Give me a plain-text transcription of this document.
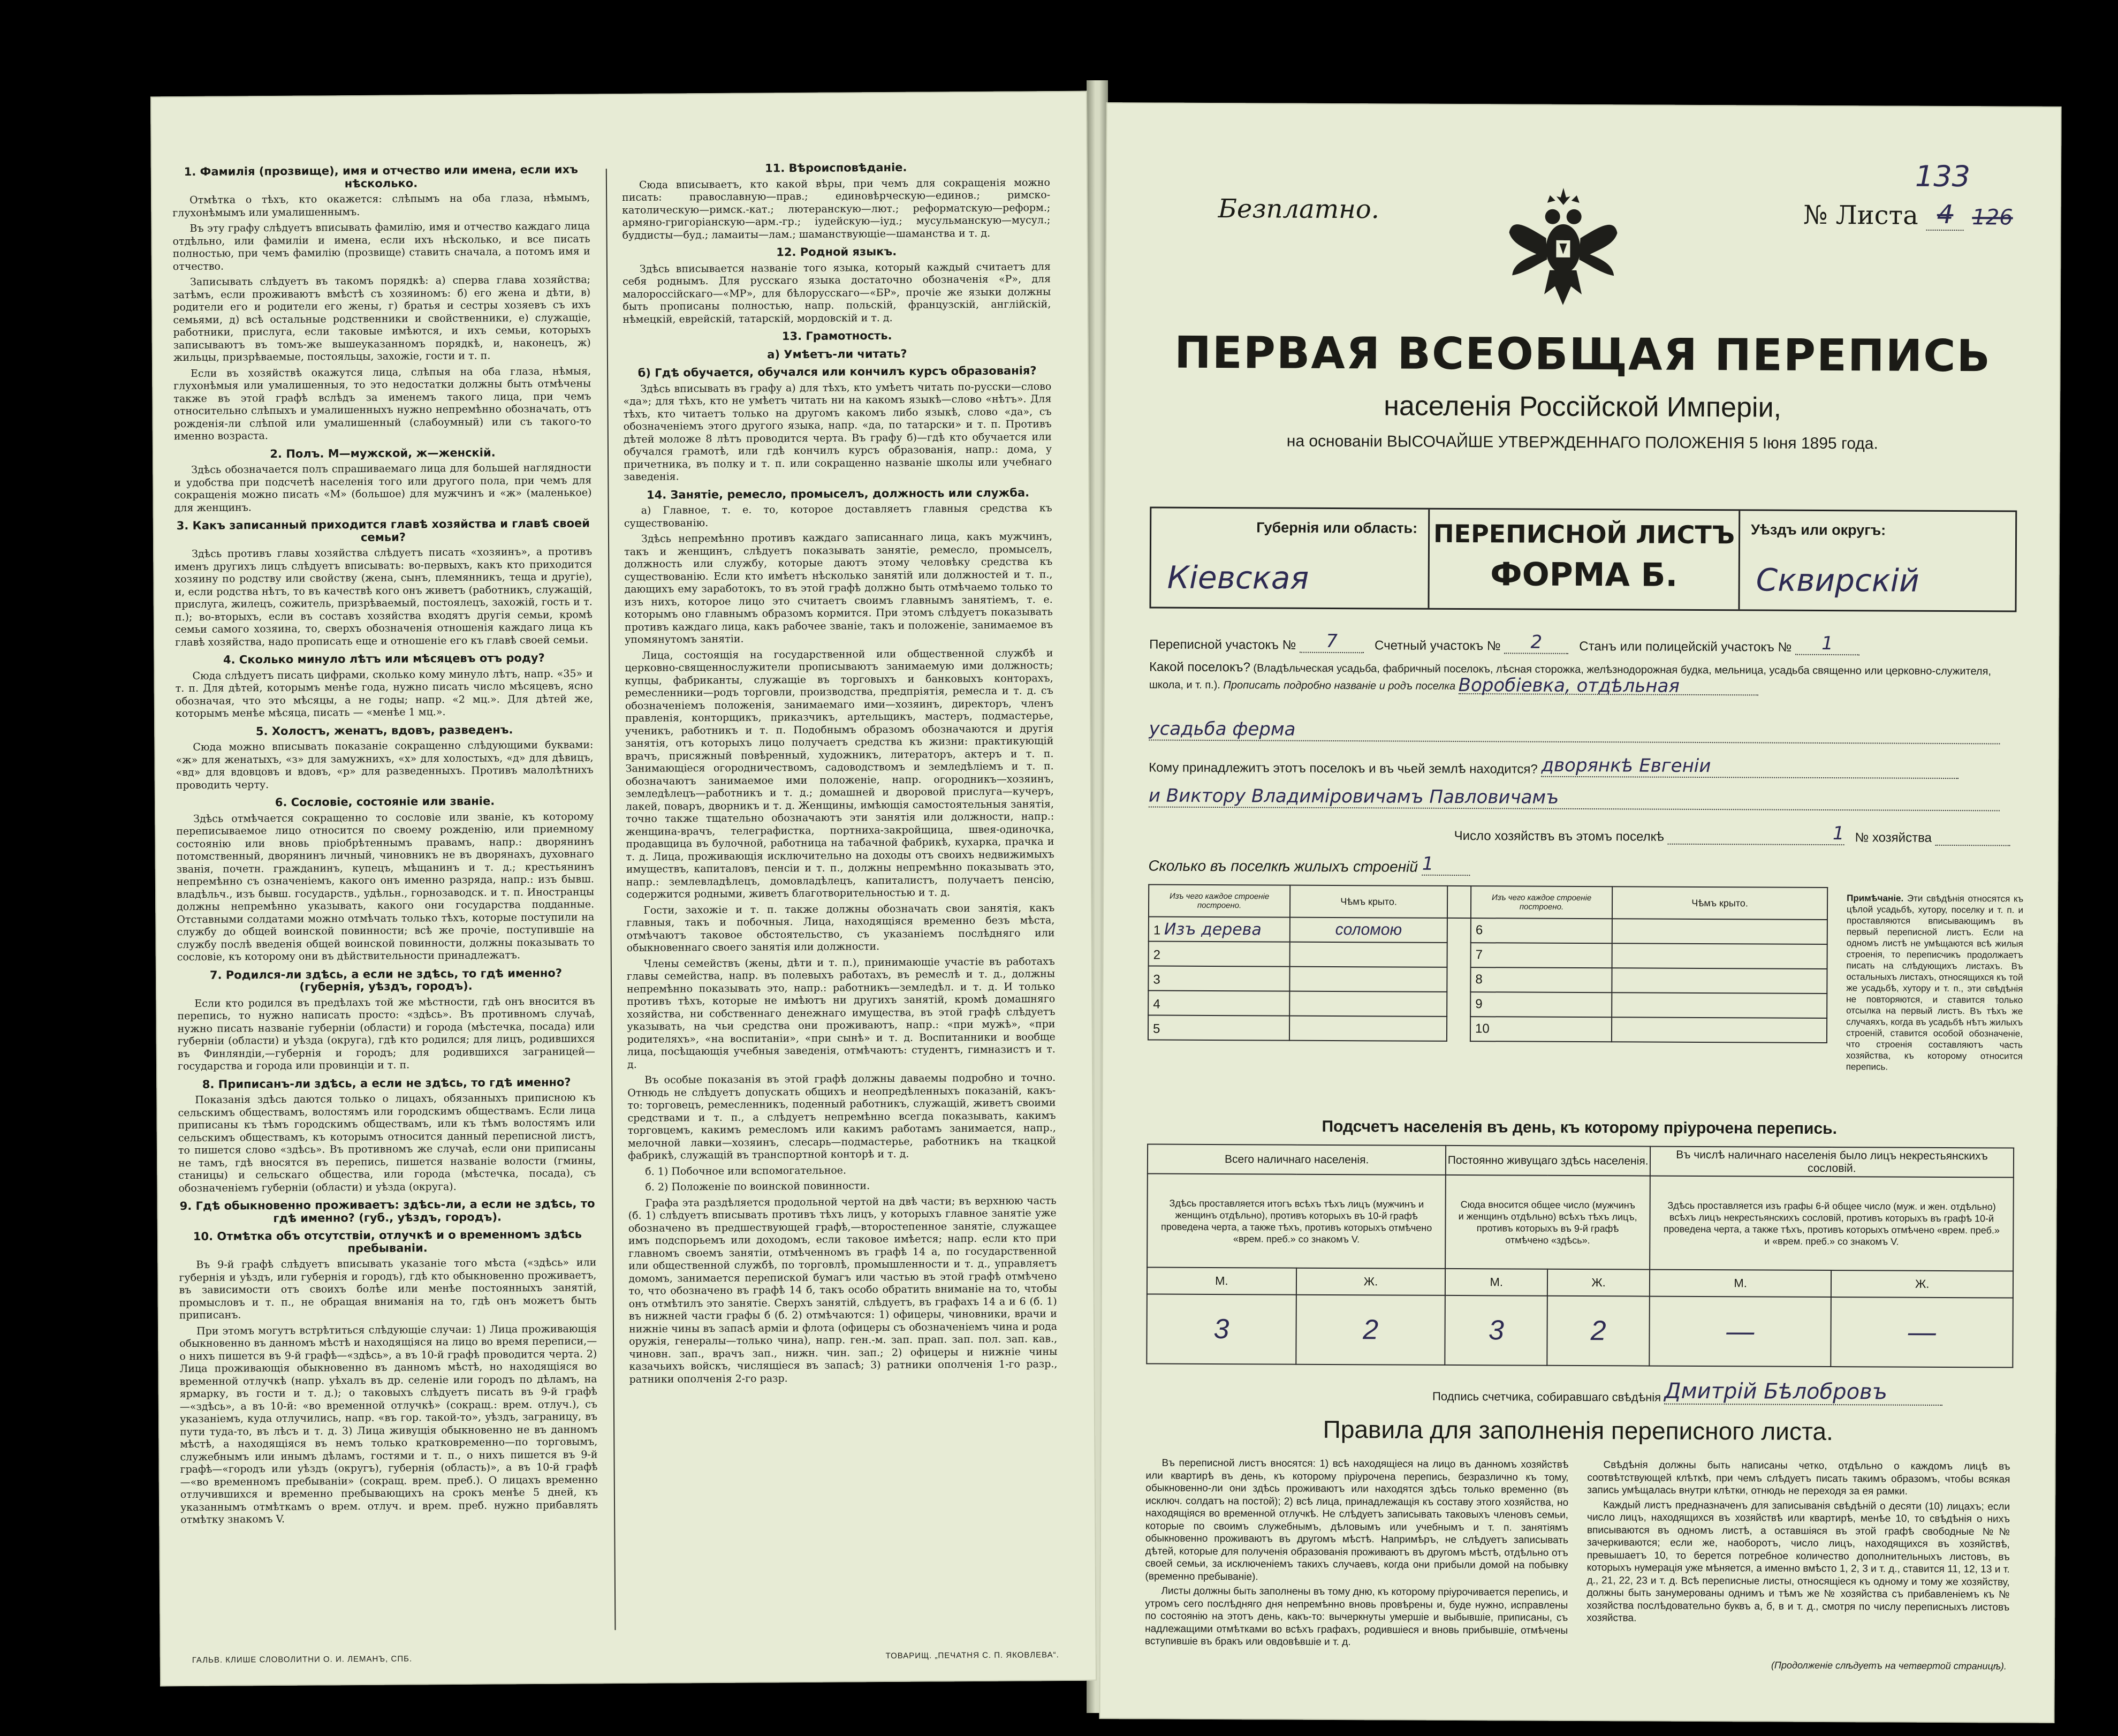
1. Фамилія (прозвище), имя и отчество или имена, если ихъ нѣсколько.

Отмѣтка о тѣхъ, кто окажется: слѣпымъ на оба глаза, нѣмымъ, глухонѣмымъ или умалишеннымъ.

Въ эту графу слѣдуетъ вписывать фамилію, имя и отчество каждаго лица отдѣльно, или фамиліи и имена, если ихъ нѣсколько, и все писать полностью, при чемъ фамилію (прозвище) ставить сначала, а потомъ имя и отчество.

Записывать слѣдуетъ въ такомъ порядкѣ: а) сперва глава хозяйства; затѣмъ, если проживаютъ вмѣстѣ съ хозяиномъ: б) его жена и дѣти, в) родители его и родители его жены, г) братья и сестры хозяевъ съ ихъ семьями, д) всѣ остальные родственники и свойственники, е) служащіе, работники, прислуга, если таковые имѣются, и ихъ семьи, которыхъ записываютъ въ томъ-же вышеуказанномъ порядкѣ, и, наконецъ, ж) жильцы, призрѣваемые, постояльцы, захожіе, гости и т. п.

Если въ хозяйствѣ окажутся лица, слѣпыя на оба глаза, нѣмыя, глухонѣмыя или умалишенныя, то это недостатки должны быть отмѣчены также въ этой графѣ вслѣдъ за именемъ такого лица, при чемъ относительно слѣпыхъ и умалишенныхъ нужно непремѣнно обозначать, отъ рожденія-ли слѣпой или умалишенный (слабоумный) или съ такого-то именно возраста.

2. Полъ. М—мужской, ж—женскій.

Здѣсь обозначается полъ спрашиваемаго лица для большей наглядности и удобства при подсчетѣ населенія того или другого пола, при чемъ для сокращенія можно писать «М» (большое) для мужчинъ и «ж» (маленькое) для женщинъ.

3. Какъ записанный приходится главѣ хозяйства и главѣ своей семьи?

Здѣсь противъ главы хозяйства слѣдуетъ писать «хозяинъ», а противъ именъ другихъ лицъ слѣдуетъ вписывать: во-первыхъ, какъ кто приходится хозяину по родству или свойству (жена, сынъ, племянникъ, теща и другіе), и, если родства нѣтъ, то въ качествѣ кого онъ живетъ (работникъ, служащій, прислуга, жилецъ, сожитель, призрѣваемый, постоялецъ, захожій, гость и т. п.); во-вторыхъ, если въ составъ хозяйства входятъ другія семьи, кромѣ семьи самого хозяина, то, сверхъ обозначенія отношенія каждаго лица къ главѣ хозяйства, надо прописать еще и отношеніе его къ главѣ своей семьи.

4. Сколько минуло лѣтъ или мѣсяцевъ отъ роду?

Сюда слѣдуетъ писать цифрами, сколько кому минуло лѣтъ, напр. «35» и т. п. Для дѣтей, которымъ менѣе года, нужно писать число мѣсяцевъ, ясно обозначая, что это мѣсяцы, а не годы; напр. «2 мц.». Для дѣтей же, которымъ менѣе мѣсяца, писать — «менѣе 1 мц.».

5. Холостъ, женатъ, вдовъ, разведенъ.

Сюда можно вписывать показаніе сокращенно слѣдующими буквами: «ж» для женатыхъ, «з» для замужнихъ, «х» для холостыхъ, «д» для дѣвицъ, «вд» для вдовцовъ и вдовъ, «р» для разведенныхъ. Противъ малолѣтнихъ проводить черту.

6. Сословіе, состояніе или званіе.

Здѣсь отмѣчается сокращенно то сословіе или званіе, къ которому переписываемое лицо относится по своему рожденію, или приемному состоянію или вновь пріобрѣтеннымъ правамъ, напр.: дворянинъ потомственный, дворянинъ личный, чиновникъ не въ дворянахъ, духовнаго званія, почетн. гражданинъ, купецъ, мѣщанинъ и т. д.; крестьянинъ непремѣнно съ означеніемъ, какого онъ именно разряда, напр.: изъ бывш. владѣльч., изъ бывш. государств., удѣльн., горнозаводск. и т. п. Иностранцы должны непремѣнно указывать, какого они государства подданные. Отставными солдатами можно отмѣчать только тѣхъ, которые поступили на службу до общей воинской повинности; всѣ же прочіе, поступившіе на службу послѣ введенія общей воинской повинности, должны показывать то сословіе, къ которому они въ дѣйствительности принадлежатъ.

7. Родился-ли здѣсь, а если не здѣсь, то гдѣ именно? (губернія, уѣздъ, городъ).

Если кто родился въ предѣлахъ той же мѣстности, гдѣ онъ вносится въ перепись, то нужно написать просто: «здѣсь». Въ противномъ случаѣ, нужно писать названіе губерніи (области) и города (мѣстечка, посада) или губерніи (области) и уѣзда (округа), гдѣ кто родился; для лицъ, родившихся въ Финляндіи,—губернія и городъ; для родившихся заграницей—государства и города или провинціи и т. п.

8. Приписанъ-ли здѣсь, а если не здѣсь, то гдѣ именно?

Показанія здѣсь даются только о лицахъ, обязанныхъ приписною къ сельскимъ обществамъ, волостямъ или городскимъ обществамъ. Если лица приписаны къ тѣмъ городскимъ обществамъ, или къ тѣмъ волостямъ или сельскимъ обществамъ, къ которымъ относится данный переписной листъ, то пишется слово «здѣсь». Въ противномъ же случаѣ, если они приписаны не тамъ, гдѣ вносятся въ перепись, пишется названіе волости (гмины, станицы) и сельскаго общества, или города (мѣстечка, посада), съ обозначеніемъ губерніи (области) и уѣзда (округа).

9. Гдѣ обыкновенно проживаетъ: здѣсь-ли, а если не здѣсь, то гдѣ именно? (губ., уѣздъ, городъ).
10. Отмѣтка объ отсутствіи, отлучкѣ и о временномъ здѣсь пребываніи.

Въ 9-й графѣ слѣдуетъ вписывать указаніе того мѣста («здѣсь» или губернія и уѣздъ, или губернія и городъ), гдѣ кто обыкновенно проживаетъ, въ зависимости отъ своихъ болѣе или менѣе постоянныхъ занятій, промысловъ и т. п., не обращая вниманія на то, гдѣ онъ можетъ быть приписанъ.

При этомъ могутъ встрѣтиться слѣдующіе случаи: 1) Лица проживающія обыкновенно въ данномъ мѣстѣ и находящіяся на лицо во время переписи,—о нихъ пишется въ 9-й графѣ—«здѣсь», а въ 10-й графѣ проводится черта. 2) Лица проживающія обыкновенно въ данномъ мѣстѣ, но находящіяся во временной отлучкѣ (напр. уѣхалъ въ др. селеніе или городъ по дѣламъ, на ярмарку, въ гости и т. д.); о таковыхъ слѣдуетъ писать въ 9-й графѣ—«здѣсь», а въ 10-й: «во временной отлучкѣ» (сокращ.: врем. отлуч.), съ указаніемъ, куда отлучились, напр. «въ гор. такой-то», уѣздъ, заграницу, въ пути тудa-то, въ лѣсъ и т. д. 3) Лица живущія обыкновенно не въ данномъ мѣстѣ, а находящіяся въ немъ только кратковременно—по торговымъ, служебнымъ или инымъ дѣламъ, гостями и т. п., о нихъ пишется въ 9-й графѣ—«городъ или уѣздъ (округъ), губернія (область)», а въ 10-й графѣ—«во временномъ пребываніи» (сокращ. врем. преб.). О лицахъ временно отлучившихся и временно пребывающихъ на срокъ менѣе 5 дней, къ указаннымъ отмѣткамъ о врем. отлуч. и врем. преб. нужно прибавлять отмѣтку знакомъ V.

11. Вѣроисповѣданіе.

Сюда вписываетъ, кто какой вѣры, при чемъ для сокращенія можно писать: православную—прав.; единовѣрческую—единов.; римско-католическую—римск.-кат.; лютеранскую—лют.; реформатскую—реформ.; армяно-григоріанскую—арм.-гр.; іудейскую—іуд.; мусульманскую—мусул.; буддисты—буд.; ламаиты—лам.; шаманствующіе—шаманства и т. д.

12. Родной языкъ.

Здѣсь вписывается названіе того языка, который каждый считаетъ для себя роднымъ. Для русскаго языка достаточно обозначенія «Р», для малороссійскаго—«МР», для бѣлорусскаго—«БР», прочіе же языки должны быть прописаны полностью, напр. польскій, французскій, англійскій, нѣмецкій, еврейскій, татарскій, мордовскій и т. д.

13. Грамотность.
а) Умѣетъ-ли читать?
б) Гдѣ обучается, обучался или кончилъ курсъ образованія?

Здѣсь вписывать въ графу а) для тѣхъ, кто умѣетъ читать по-русски—слово «да»; для тѣхъ, кто не умѣетъ читать ни на какомъ языкѣ—слово «нѣтъ». Для тѣхъ, кто читаетъ только на другомъ какомъ либо языкѣ, слово «да», съ обозначеніемъ этого другого языка, напр. «да, по татарски» и т. п. Противъ дѣтей моложе 8 лѣтъ проводится черта. Въ графу б)—гдѣ кто обучается или обучался грамотѣ, или гдѣ кончилъ курсъ образованія, напр.: дома, у причетника, въ полку и т. п. или сокращенно названіе школы или учебнаго заведенія.

14. Занятіе, ремесло, промыселъ, должность или служба.

а) Главное, т. е. то, которое доставляетъ главныя средства къ существованію.

Здѣсь непремѣнно противъ каждаго записаннаго лица, какъ мужчинъ, такъ и женщинъ, слѣдуетъ показывать занятіе, ремесло, промыселъ, должность или службу, которые даютъ этому человѣку средства къ существованію. Если кто имѣетъ нѣсколько занятій или должностей и т. п., дающихъ ему заработокъ, то въ этой графѣ должно быть отмѣчаемо только то изъ нихъ, которое лицо это считаетъ своимъ главнымъ занятіемъ, т. е. которымъ оно главнымъ образомъ кормится. При этомъ слѣдуетъ показывать противъ каждаго лица, какъ рабочее званіе, такъ и положеніе, занимаемое въ упомянутомъ занятіи.

Лица, состоящія на государственной или общественной службѣ и церковно-священнослужители прописываютъ занимаемую ими должность; купцы, фабриканты, служащіе въ торговыхъ и банковыхъ конторахъ, ремесленники—родъ торговли, производства, предпріятія, ремесла и т. д. съ обозначеніемъ положенія, занимаемаго ими—хозяинъ, директоръ, членъ правленія, конторщикъ, приказчикъ, артельщикъ, мастеръ, подмастерье, ученикъ, работникъ и т. п. Подобнымъ образомъ обозначаются и другія занятія, отъ которыхъ лицо получаетъ средства къ жизни: практикующій врачъ, присяжный повѣренный, художникъ, литераторъ, актеръ и т. п. Занимающіеся огородничествомъ, садоводствомъ и земледѣліемъ и т. п. обозначаютъ занимаемое ими положеніе, напр. огородникъ—хозяинъ, земледѣлецъ—работникъ и т. д.; домашней и дворовой прислуга—кучеръ, лакей, поваръ, дворникъ и т. д. Женщины, имѣющія самостоятельныя занятія, точно также тщательно обозначаютъ эти занятія или должности, напр.: женщина-врачъ, телеграфистка, портниха-закройщица, швея-одиночка, продавщица въ булочной, работница на табачной фабрикѣ, кухарка, прачка и т. д. Лица, проживающія исключительно на доходы отъ своихъ недвижимыхъ имуществъ, капиталовъ, пенсіи и т. п., должны непремѣнно показывать это, напр.: землевладѣлецъ, домовладѣлецъ, капиталистъ, получаетъ пенсію, содержится родными, живетъ благотворительностью и т. д.

Гости, захожіе и т. п. также должны обозначать свои занятія, какъ главныя, такъ и побочныя. Лица, находящіяся временно безъ мѣста, отмѣчаютъ таковое обстоятельство, съ указаніемъ послѣдняго или обыкновеннаго своего занятія или должности.

Члены семействъ (жены, дѣти и т. п.), принимающіе участіе въ работахъ главы семейства, напр. въ полевыхъ работахъ, въ ремеслѣ и т. д., должны непремѣнно показывать это, напр.: работникъ—земледѣл. и т. д. И только противъ тѣхъ, которые не имѣютъ ни другихъ занятій, кромѣ домашняго хозяйства, ни собственнаго денежнаго имущества, въ этой графѣ слѣдуетъ указывать, на чьи средства они проживаютъ, напр.: «при мужѣ», «при родителяхъ», «на воспитаніи», «при сынѣ» и т. д. Воспитанники и вообще лица, посѣщающія учебныя заведенія, отмѣчаютъ: студентъ, гимназистъ и т. д.

Въ особые показанія въ этой графѣ должны даваемы подробно и точно. Отнюдь не слѣдуетъ допускать общихъ и неопредѣленныхъ показаній, какъ-то: торговецъ, ремесленникъ, поденный работникъ, служащій, живетъ своими средствами и т. п., а слѣдуетъ непремѣнно всегда показывать, какимъ торговцемъ, какимъ ремесломъ или какимъ работамъ занимается, напр., мелочной лавки—хозяинъ, слесарь—подмастерье, работникъ на ткацкой фабрикѣ, служащій въ транспортной конторѣ и т. д.

б. 1) Побочное или вспомогательное.

б. 2) Положеніе по воинской повинности.

Графа эта раздѣляется продольной чертой на двѣ части; въ верхнюю часть (б. 1) слѣдуетъ вписывать противъ тѣхъ лицъ, у которыхъ главное занятіе уже обозначено въ предшествующей графѣ,—второстепенное занятіе, служащее имъ подспорьемъ или доходомъ, если таковое имѣется; напр. если кто при главномъ своемъ занятіи, отмѣченномъ въ графѣ 14 а, по государственной или общественной службѣ, по торговлѣ, промышленности и т. д., управляетъ домомъ, занимается перепиской бумагъ или частью въ этой графѣ отмѣчено то, что обозначено въ графѣ 14 б, такъ особо обратить вниманіе на то, чтобы онъ отмѣтилъ это занятіе. Сверхъ занятій, слѣдуетъ, въ графахъ 14 а и 6 (б. 1) въ нижней части графы б (б. 2) отмѣчаются: 1) офицеры, чиновники, врачи и нижніе чины въ запасѣ армiи и флота (офицеры съ обозначеніемъ чина и рода оружія, генералы—только чина), напр. ген.-м. зап. прап. зап. пол. зап. кав., чиновн. зап., врачъ зап., нижн. чин. зап.; 2) офицеры и нижніе чины казачьихъ войскъ, числящіеся въ запасѣ; 3) ратники ополченія 1-го разр., ратники ополченія 2-го разр.

ГАЛЬВ. КЛИШЕ СЛОВОЛИТНИ О. И. ЛЕМАНЪ, СПБ.	ТОВАРИЩ. „ПЕЧАТНЯ С. П. ЯКОВЛЕВА“.
Безплатно.
133
№ Листа 4 126
ПЕРВАЯ ВСЕОБЩАЯ ПЕРЕПИСЬ
населенія Россійской Имперіи,
на основаніи ВЫСОЧАЙШЕ УТВЕРЖДЕННАГО ПОЛОЖЕНІЯ 5 Іюня 1895 года.
Губернія или область:
Кіевская
ПЕРЕПИСНОЙ ЛИСТЪ
ФОРМА Б.
Уѣздъ или округъ:
Сквирскій
Переписной участокъ № 7	Счетный участокъ № 2	Станъ или полицейскій участокъ № 1
Какой поселокъ? (Владѣльческая усадьба, фабричный поселокъ, лѣсная сторожка, желѣзнодорожная будка, мельница, усадьба священно или церковно-служителя, школа, и т. п.). Прописать подробно названіе и родъ поселка Воробіевка, отдѣльная
усадьба ферма
Кому принадлежитъ этотъ поселокъ и въ чьей землѣ находится? дворянкѣ Евгеніи
и Виктору Владиміровичамъ Павловичамъ
Число хозяйствъ въ этомъ поселкѣ	1 № хозяйства
Сколько въ поселкѣ жилыхъ строеній 1
Изъ чего каждое строеніе построено.	Чѣмъ крыто.		Изъ чего каждое строеніе построено.	Чѣмъ крыто.
1 Изъ дерева	соломою		6	
2			7	
3			8	
4			9	
5			10	
Примѣчаніе. Эти свѣдѣнія относятся къ цѣлой усадьбѣ, хутору, поселку и т. п. и проставляются вписывающимъ въ первый переписной листъ. Если на одномъ листѣ не умѣщаются всѣ жилыя строенія, то переписчикъ продолжаетъ писать на слѣдующихъ листахъ. Въ остальныхъ листахъ, относящихся къ той же усадьбѣ, хутору и т. п., эти свѣдѣнія не повторяются, и ставится только отсылка на первый листъ. Въ тѣхъ же случаяхъ, когда въ усадьбѣ нѣтъ жилыхъ строеній, ставится особой обозначеніе, что строенія составляютъ часть хозяйства, къ которому относится перепись.
Подсчетъ населенія въ день, къ которому пріурочена перепись.
Всего наличнаго населенія.		Постоянно живущаго здѣсь населенія.		Въ числѣ наличнаго населенія было лицъ некрестьянскихъ сословій.	
Здѣсь проставляется итогъ всѣхъ тѣхъ лицъ (мужчинъ и женщинъ отдѣльно), противъ которыхъ въ 10-й графѣ проведена черта, а также тѣхъ, противъ которыхъ отмѣчено «врем. преб.» со знакомъ V.		Сюда вносится общее число (мужчинъ и женщинъ отдѣльно) всѣхъ тѣхъ лицъ, противъ которыхъ въ 9-й графѣ отмѣчено «здѣсь».		Здѣсь проставляется изъ графы 6-й общее число (муж. и жен. отдѣльно) всѣхъ лицъ некрестьянскихъ сословій, противъ которыхъ въ графѣ 10-й проведена черта, а также тѣхъ, противъ которыхъ отмѣчено «врем. преб.» и «врем. преб.» со знакомъ V.	
М.	Ж.	М.	Ж.	М.	Ж.
3	2	3	2	—	—
Подпись счетчика, собиравшаго свѣдѣнія Дмитрій Бѣлобровъ
Правила для заполненія переписного листа.

Въ переписной листъ вносятся: 1) всѣ находящіеся на лицо въ данномъ хозяйствѣ или квартирѣ въ день, къ которому пріурочена перепись, безразлично къ тому, обыкновенно-ли они здѣсь проживаютъ или находятся здѣсь только временно (въ исключ. солдатъ на постой); 2) всѣ лица, принадлежащія къ составу этого хозяйства, но находящіяся во временной отлучкѣ. Не слѣдуетъ записывать таковыхъ членовъ семьи, которые по своимъ служебнымъ, дѣловымъ или учебнымъ и т. п. занятіямъ обыкновенно проживаютъ въ другомъ мѣстѣ. Напримѣръ, не слѣдуетъ записывать дѣтей, которые для полученія образованія проживаютъ въ другомъ мѣстѣ, отдѣльно отъ своей семьи, за исключеніемъ такихъ случаевъ, когда они прибыли домой на побывку (временно пребываніе).

Листы должны быть заполнены въ тому дню, къ которому пріурочивается перепись, и утромъ сего послѣдняго дня непремѣнно вновь провѣрены и, буде нужно, исправлены по состоянію на этотъ день, какъ-то: вычеркнуты умершіе и выбывшіе, приписаны, съ надлежащими отмѣтками во всѣхъ графахъ, родившіеся и вновь прибывшіе, отмѣчены вступившіе въ бракъ или овдовѣвшіе и т. д.

Свѣдѣнія должны быть написаны четко, отдѣльно о каждомъ лицѣ въ соотвѣтствующей клѣткѣ, при чемъ слѣдуетъ писать такимъ образомъ, чтобы всякая запись умѣщалась внутри клѣтки, отнюдь не переходя за ея рамки.

Каждый листъ предназначенъ для записыванія свѣдѣній о десяти (10) лицахъ; если число лицъ, находящихся въ хозяйствѣ или квартирѣ, менѣе 10, то свѣдѣнія о нихъ вписываются въ одномъ листѣ, а оставшіяся въ этой графѣ свободные №№ зачеркиваются; если же, наоборотъ, число лицъ, находящихся въ хозяйствѣ, превышаетъ 10, то берется потребное количество дополнительныхъ листовъ, въ которыхъ нумерація уже мѣняется, а именно вмѣсто 1, 2, 3 и т. д., ставится 11, 12, 13 и т. д., 21, 22, 23 и т. д. Всѣ переписные листы, относящіеся къ одному и тому же хозяйству, должны быть занумерованы однимъ и тѣмъ же № хозяйства съ прибавленіемъ къ № хозяйства послѣдовательно буквъ а, б, в и т. д., смотря по числу переписныхъ листовъ хозяйства.

(Продолженіе слѣдуетъ на четвертой страницѣ).
